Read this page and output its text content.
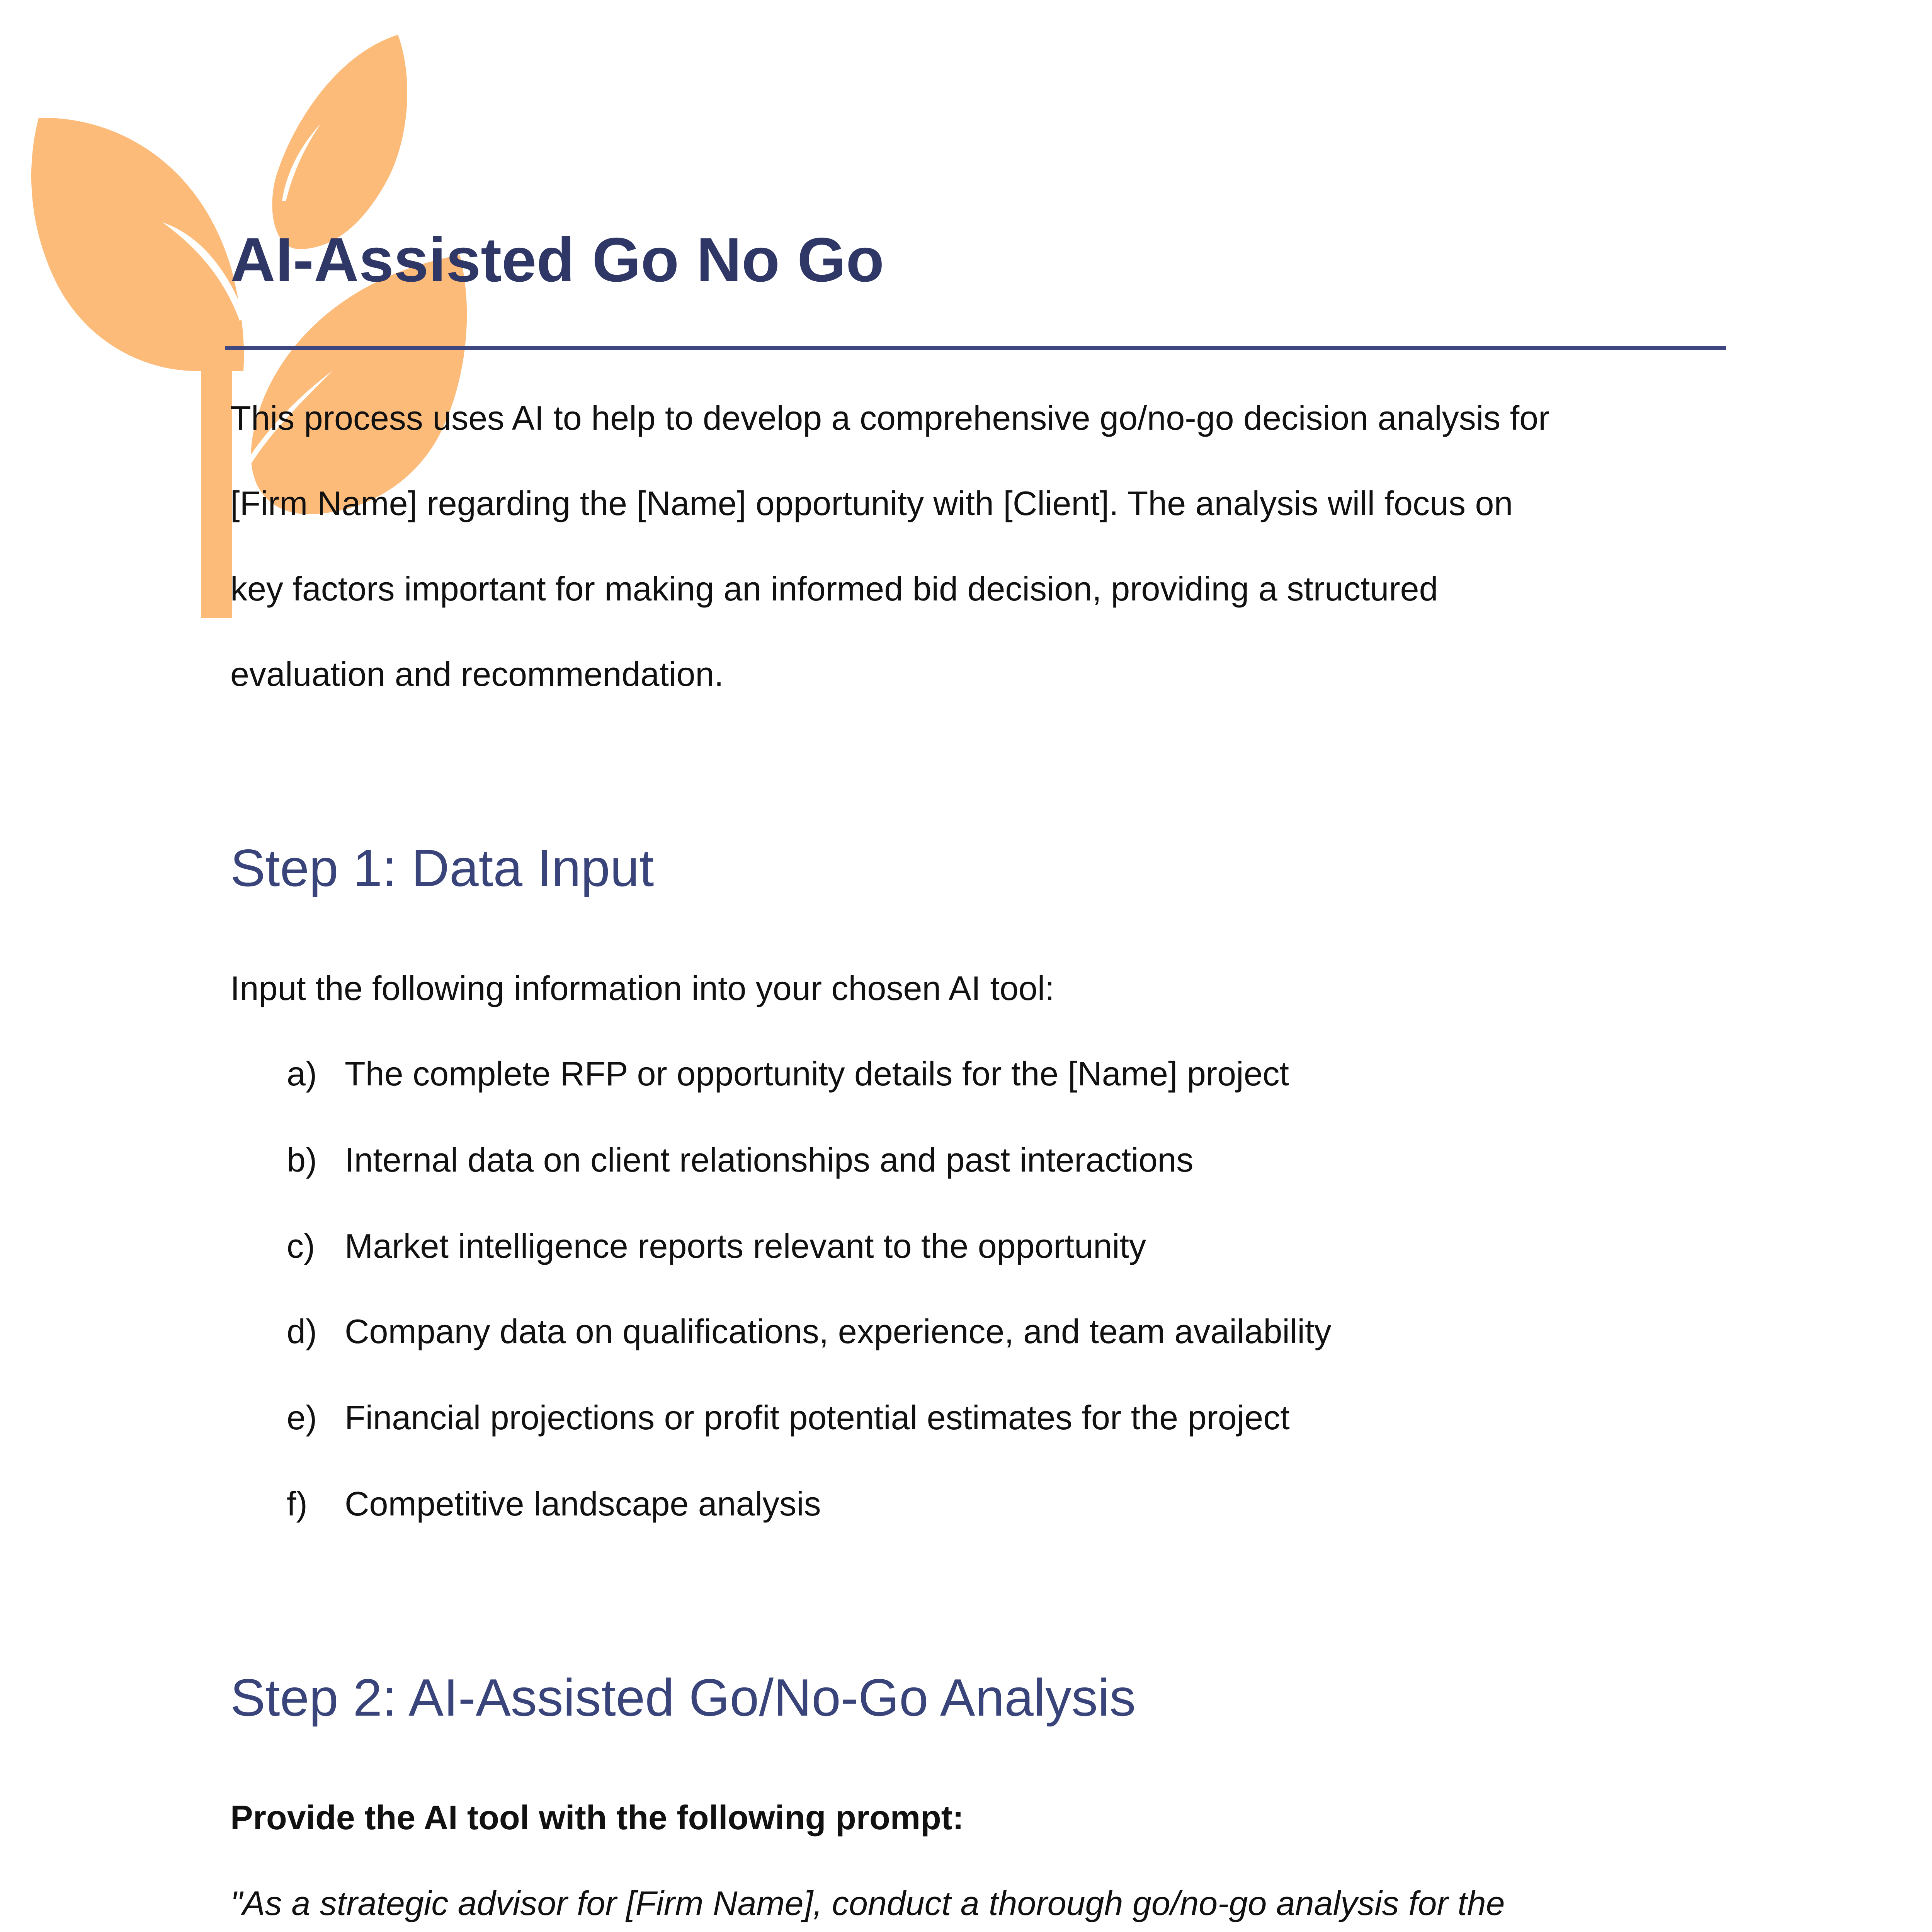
AI-Assisted Go No Go
This process uses AI to help to develop a comprehensive go/no-go decision analysis for
[Firm Name] regarding the [Name] opportunity with [Client]. The analysis will focus on
key factors important for making an informed bid decision, providing a structured
evaluation and recommendation.
Step 1: Data Input
Input the following information into your chosen AI tool:
a) The complete RFP or opportunity details for the [Name] project
b) Internal data on client relationships and past interactions
c) Market intelligence reports relevant to the opportunity
d) Company data on qualifications, experience, and team availability
e) Financial projections or profit potential estimates for the project
f) Competitive landscape analysis
Step 2: AI-Assisted Go/No-Go Analysis
Provide the AI tool with the following prompt:
"As a strategic advisor for [Firm Name], conduct a thorough go/no-go analysis for the
